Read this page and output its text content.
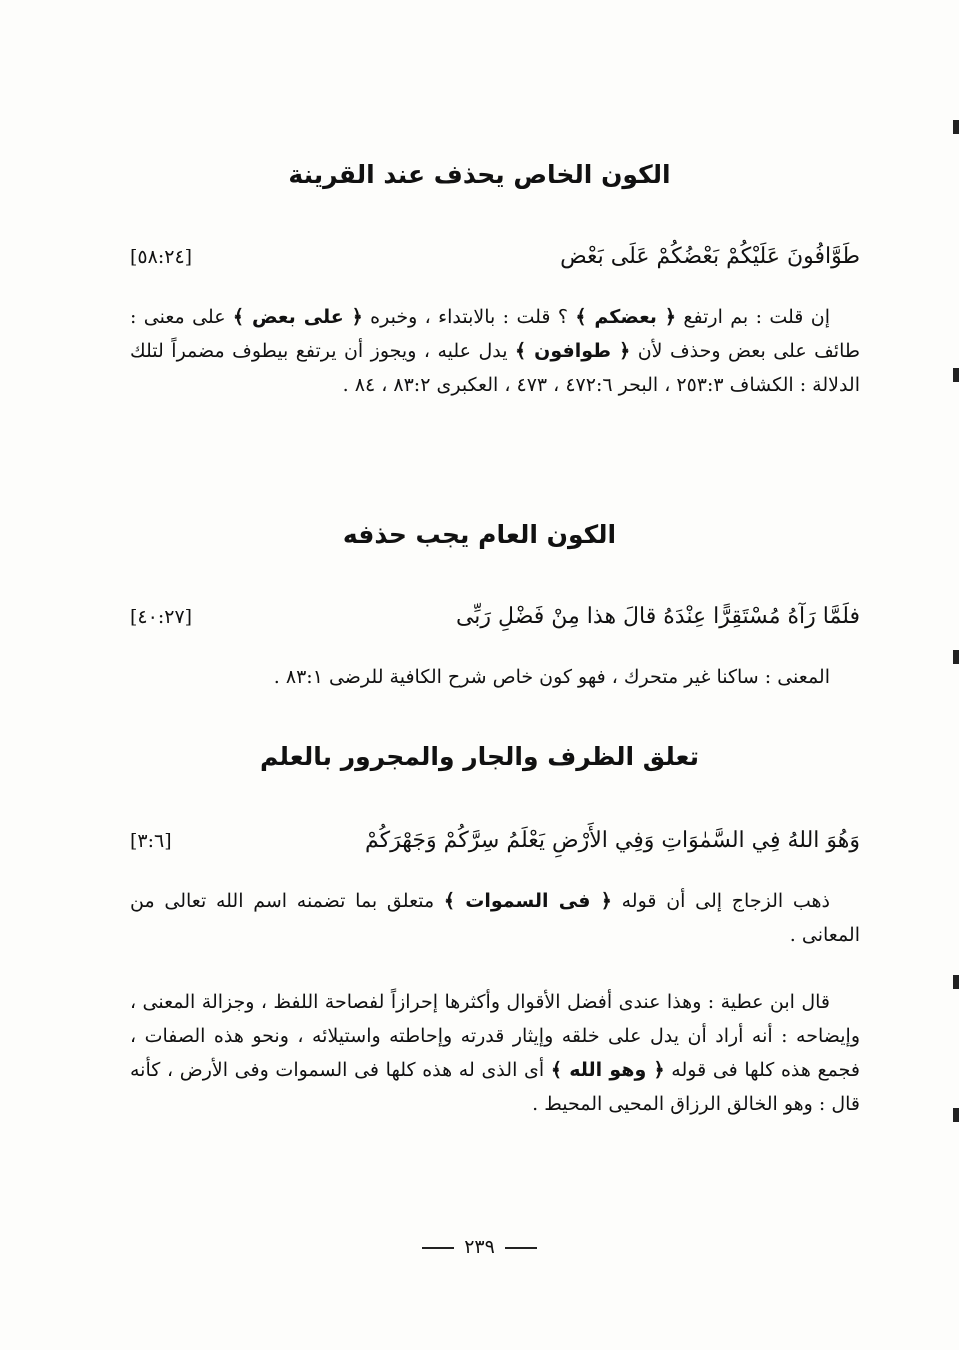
الكون الخاص يحذف عند القرينة
طَوَّافُونَ عَلَيْكُمْ بَعْضُكُمْ عَلَى بَعْض
[٥٨:٢٤]

إن قلت : بم ارتفع ﴿ بعضكم ﴾ ؟ قلت : بالابتداء ، وخبره ﴿ على بعض ﴾ على معنى : طائف على بعض وحذف لأن ﴿ طوافون ﴾ يدل عليه ، ويجوز أن يرتفع بيطوف مضمراً لتلك الدلالة : الكشاف ٢٥٣:٣ ، البحر ٤٧٢:٦ ، ٤٧٣ ، العكبرى ٨٣:٢ ، ٨٤ .

الكون العام يجب حذفه
فلَمَّا رَآهُ مُسْتَقِرًّا عِنْدَهُ قالَ هذا مِنْ فَضْلِ رَبِّى
[٤٠:٢٧]

المعنى : ساكنا غير متحرك ، فهو كون خاص شرح الكافية للرضى ٨٣:١ .

تعلق الظرف والجار والمجرور بالعلم
وَهُوَ اللهُ فِي السَّمٰوَاتِ وَفِي الأَرْضِ يَعْلَمُ سِرَّكُمْ وَجَهْرَكُمْ
[٣:٦]

ذهب الزجاج إلى أن قوله ﴿ فى السموات ﴾ متعلق بما تضمنه اسم الله تعالى من المعانى .

قال ابن عطية : وهذا عندى أفضل الأقوال وأكثرها إحرازاً لفصاحة اللفظ ، وجزالة المعنى ، وإيضاحه : أنه أراد أن يدل على خلقه وإيثار قدرته وإحاطته واستيلائه ، ونحو هذه الصفات ، فجمع هذه كلها فى قوله ﴿ وهو الله ﴾ أى الذى له هذه كلها فى السموات وفى الأرض ، كأنه قال : وهو الخالق الرزاق المحيى المحيط .

٢٣٩
